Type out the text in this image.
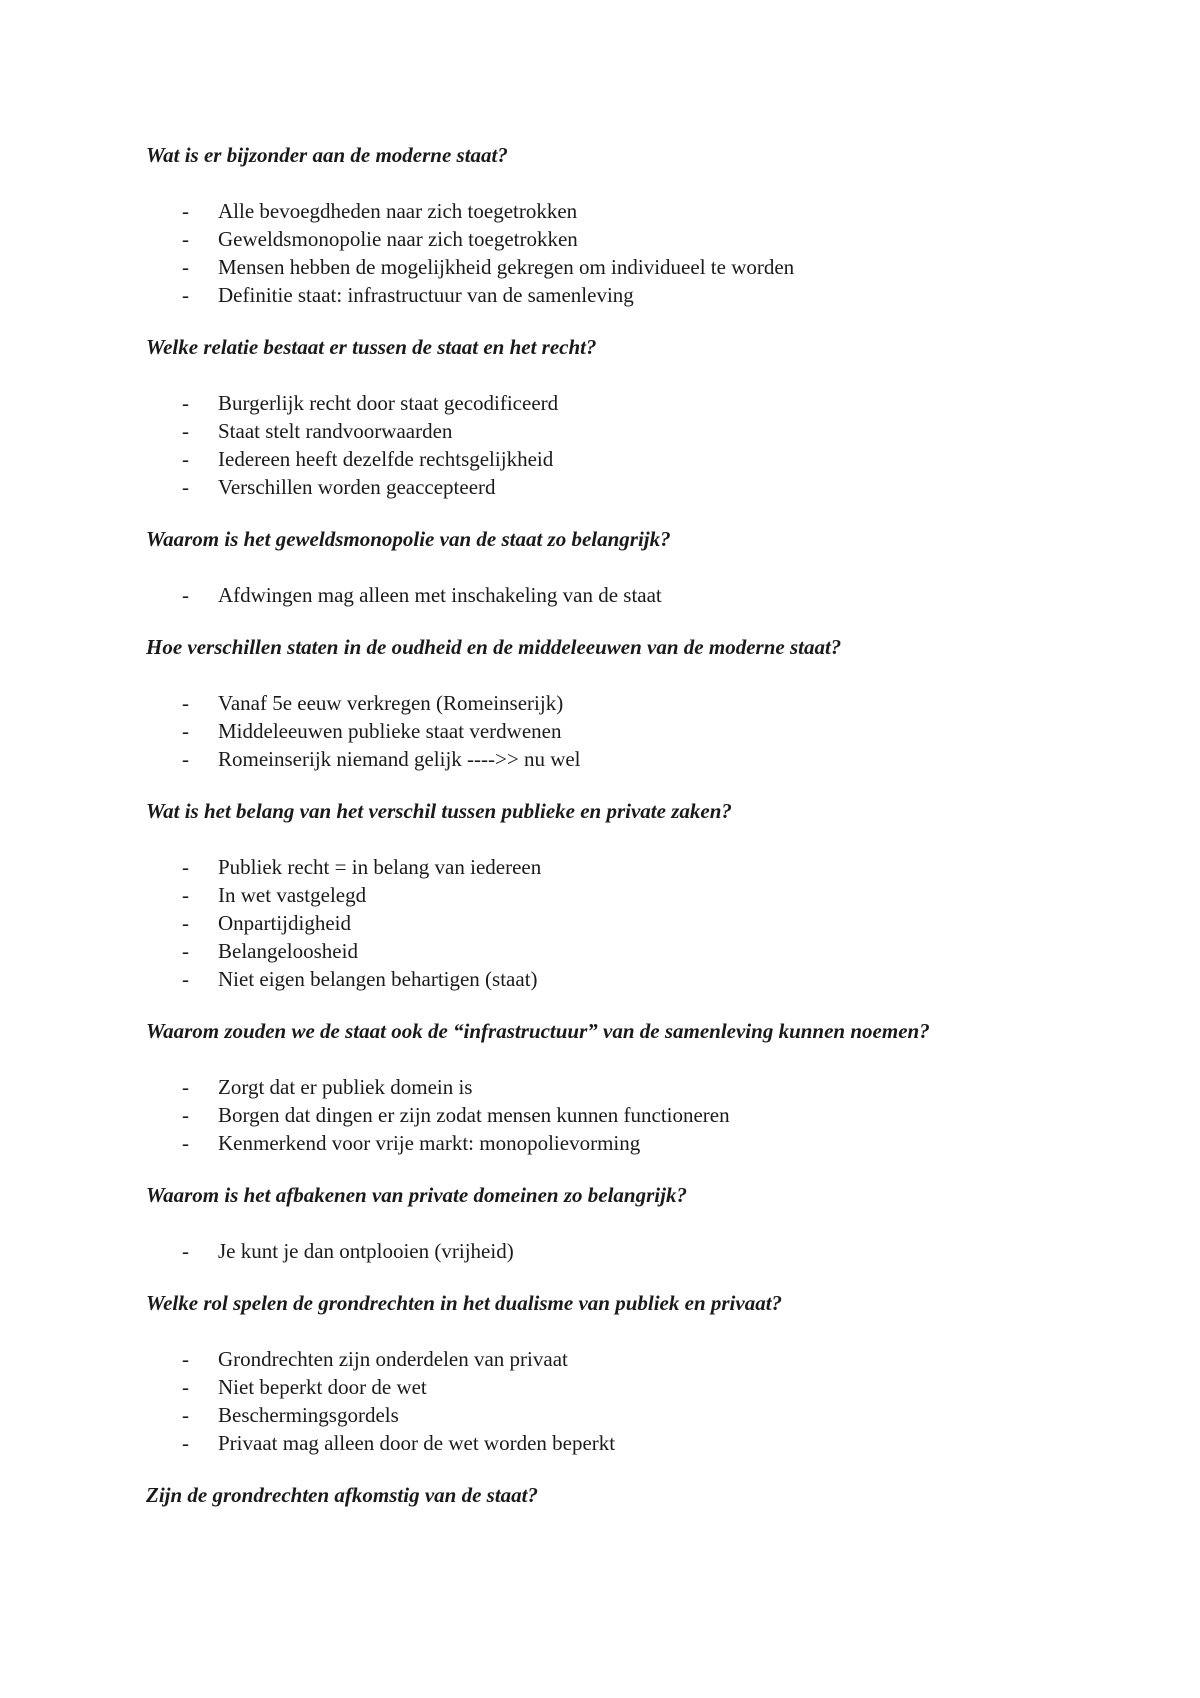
Wat is er bijzonder aan de moderne staat?
- Alle bevoegdheden naar zich toegetrokken
- Geweldsmonopolie naar zich toegetrokken
- Mensen hebben de mogelijkheid gekregen om individueel te worden
- Definitie staat: infrastructuur van de samenleving
Welke relatie bestaat er tussen de staat en het recht?
- Burgerlijk recht door staat gecodificeerd
- Staat stelt randvoorwaarden
- Iedereen heeft dezelfde rechtsgelijkheid
- Verschillen worden geaccepteerd
Waarom is het geweldsmonopolie van de staat zo belangrijk?
- Afdwingen mag alleen met inschakeling van de staat
Hoe verschillen staten in de oudheid en de middeleeuwen van de moderne staat?
- Vanaf 5e eeuw verkregen (Romeinserijk)
- Middeleeuwen publieke staat verdwenen
- Romeinserijk niemand gelijk ---->> nu wel
Wat is het belang van het verschil tussen publieke en private zaken?
- Publiek recht = in belang van iedereen
- In wet vastgelegd
- Onpartijdigheid
- Belangeloosheid
- Niet eigen belangen behartigen (staat)
Waarom zouden we de staat ook de “infrastructuur” van de samenleving kunnen noemen?
- Zorgt dat er publiek domein is
- Borgen dat dingen er zijn zodat mensen kunnen functioneren
- Kenmerkend voor vrije markt: monopolievorming
Waarom is het afbakenen van private domeinen zo belangrijk?
- Je kunt je dan ontplooien (vrijheid)
Welke rol spelen de grondrechten in het dualisme van publiek en privaat?
- Grondrechten zijn onderdelen van privaat
- Niet beperkt door de wet
- Beschermingsgordels
- Privaat mag alleen door de wet worden beperkt
Zijn de grondrechten afkomstig van de staat?
